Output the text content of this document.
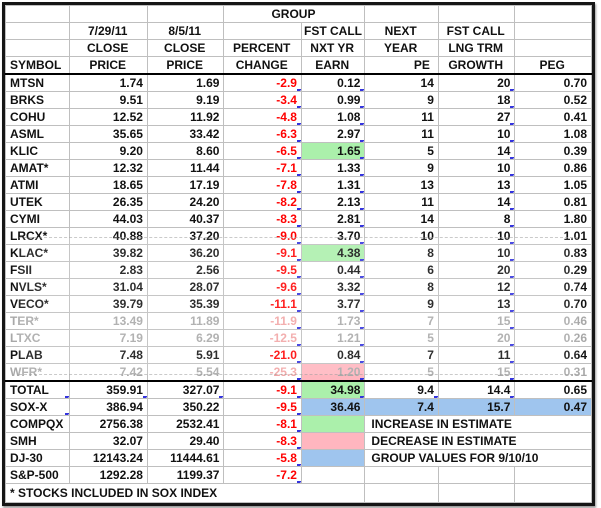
			GROUP				
	7/29/11	8/5/11		FST CALL	NEXT	FST CALL	
	CLOSE	CLOSE	PERCENT	NXT YR	YEAR	LNG TRM	
SYMBOL	PRICE	PRICE	CHANGE	EARN	PE	GROWTH	PEG
MTSN	1.74	1.69	-2.9	0.12	14	20	0.70
BRKS	9.51	9.19	-3.4	0.99	9	18	0.52
COHU	12.52	11.92	-4.8	1.08	11	27	0.41
ASML	35.65	33.42	-6.3	2.97	11	10	1.08
KLIC	9.20	8.60	-6.5	1.65	5	14	0.39
AMAT*	12.32	11.44	-7.1	1.33	9	10	0.86
ATMI	18.65	17.19	-7.8	1.31	13	13	1.05
UTEK	26.35	24.20	-8.2	2.13	11	14	0.81
CYMI	44.03	40.37	-8.3	2.81	14	8	1.80
LRCX*	40.88	37.20	-9.0	3.70	10	10	1.01
KLAC*	39.82	36.20	-9.1	4.38	8	10	0.83
FSII	2.83	2.56	-9.5	0.44	6	20	0.29
NVLS*	31.04	28.07	-9.6	3.32	8	12	0.74
VECO*	39.79	35.39	-11.1	3.77	9	13	0.70
TER*	13.49	11.89	-11.9	1.73	7	15	0.46
LTXC	7.19	6.29	-12.5	1.21	5	20	0.26
PLAB	7.48	5.91	-21.0	0.84	7	11	0.64
WFR*	7.42	5.54	-25.3	1.20	5	15	0.31
TOTAL	359.91	327.07	-9.1	34.98	9.4	14.4	0.65
SOX-X	386.94	350.22	-9.5	36.46	7.4	15.7	0.47
COMPQX	2756.38	2532.41	-8.1		INCREASE IN ESTIMATE		
SMH	32.07	29.40	-8.3		DECREASE IN ESTIMATE		
DJ-30	12143.24	11444.61	-5.8		GROUP VALUES FOR 9/10/10		
S&P-500	1292.28	1199.37	-7.2

* STOCKS INCLUDED IN SOX INDEX							
